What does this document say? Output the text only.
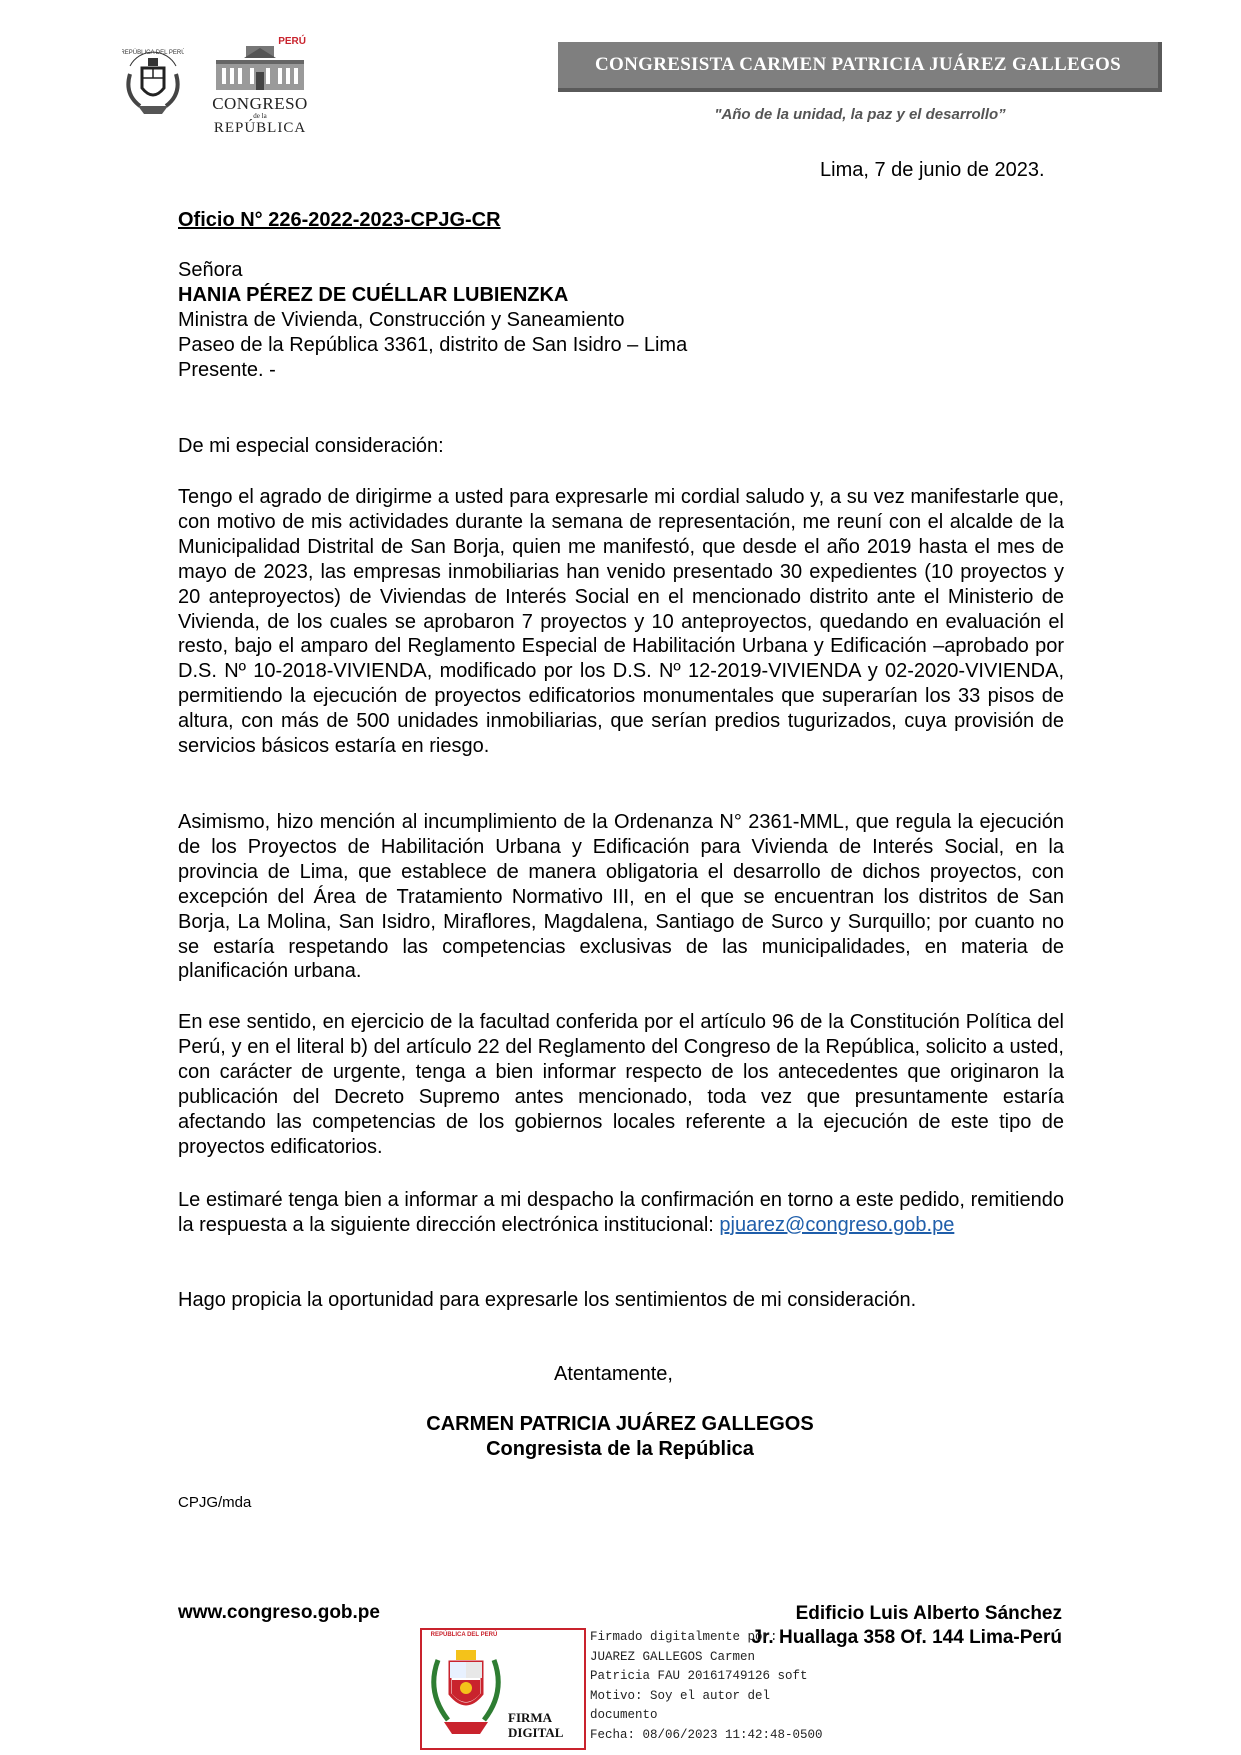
REPÚBLICA DEL PERÚ
PERÚ
CONGRESO
de la
REPÚBLICA
CONGRESISTA CARMEN PATRICIA JUÁREZ GALLEGOS
"Año de la unidad, la paz y el desarrollo”
Lima, 7 de junio de 2023.
Oficio N° 226-2022-2023-CPJG-CR
Señora
HANIA PÉREZ DE CUÉLLAR LUBIENZKA
Ministra de Vivienda, Construcción y Saneamiento
Paseo de la República 3361, distrito de San Isidro – Lima
Presente. -
De mi especial consideración:
Tengo el agrado de dirigirme a usted para expresarle mi cordial saludo y, a su vez manifestarle que, con motivo de mis actividades durante la semana de representación, me reuní con el alcalde de la Municipalidad Distrital de San Borja, quien me manifestó, que desde el año 2019 hasta el mes de mayo de 2023, las empresas inmobiliarias han venido presentado 30 expedientes (10 proyectos y 20 anteproyectos) de Viviendas de Interés Social en el mencionado distrito ante el Ministerio de Vivienda, de los cuales se aprobaron 7 proyectos y 10 anteproyectos, quedando en evaluación el resto, bajo el amparo del Reglamento Especial de Habilitación Urbana y Edificación –aprobado por D.S. Nº 10-2018-VIVIENDA, modificado por los D.S. Nº 12-2019-VIVIENDA y 02-2020-VIVIENDA, permitiendo la ejecución de proyectos edificatorios monumentales que superarían los 33 pisos de altura, con más de 500 unidades inmobiliarias, que serían predios tugurizados, cuya provisión de servicios básicos estaría en riesgo.
Asimismo, hizo mención al incumplimiento de la Ordenanza N° 2361-MML, que regula la ejecución de los Proyectos de Habilitación Urbana y Edificación para Vivienda de Interés Social, en la provincia de Lima, que establece de manera obligatoria el desarrollo de dichos proyectos, con excepción del Área de Tratamiento Normativo III, en el que se encuentran los distritos de San Borja, La Molina, San Isidro, Miraflores, Magdalena, Santiago de Surco y Surquillo; por cuanto no se estaría respetando las competencias exclusivas de las municipalidades, en materia de planificación urbana.
En ese sentido, en ejercicio de la facultad conferida por el artículo 96 de la Constitución Política del Perú, y en el literal b) del artículo 22 del Reglamento del Congreso de la República, solicito a usted, con carácter de urgente, tenga a bien informar respecto de los antecedentes que originaron la publicación del Decreto Supremo antes mencionado, toda vez que presuntamente estaría afectando las competencias de los gobiernos locales referente a la ejecución de este tipo de proyectos edificatorios.
Le estimaré tenga bien a informar a mi despacho la confirmación en torno a este pedido, remitiendo la respuesta a la siguiente dirección electrónica institucional: pjuarez@congreso.gob.pe
Hago propicia la oportunidad para expresarle los sentimientos de mi consideración.
Atentamente,
CARMEN PATRICIA JUÁREZ GALLEGOS
Congresista de la República
CPJG/mda
www.congreso.gob.pe	Edificio Luis Alberto Sánchez
Jr. Huallaga 358 Of. 144 Lima-Perú
REPÚBLICA DEL PERÚ
FIRMA
DIGITAL
Firmado digitalmente por:
JUAREZ GALLEGOS Carmen
Patricia FAU 20161749126 soft
Motivo: Soy el autor del
documento
Fecha: 08/06/2023 11:42:48-0500
